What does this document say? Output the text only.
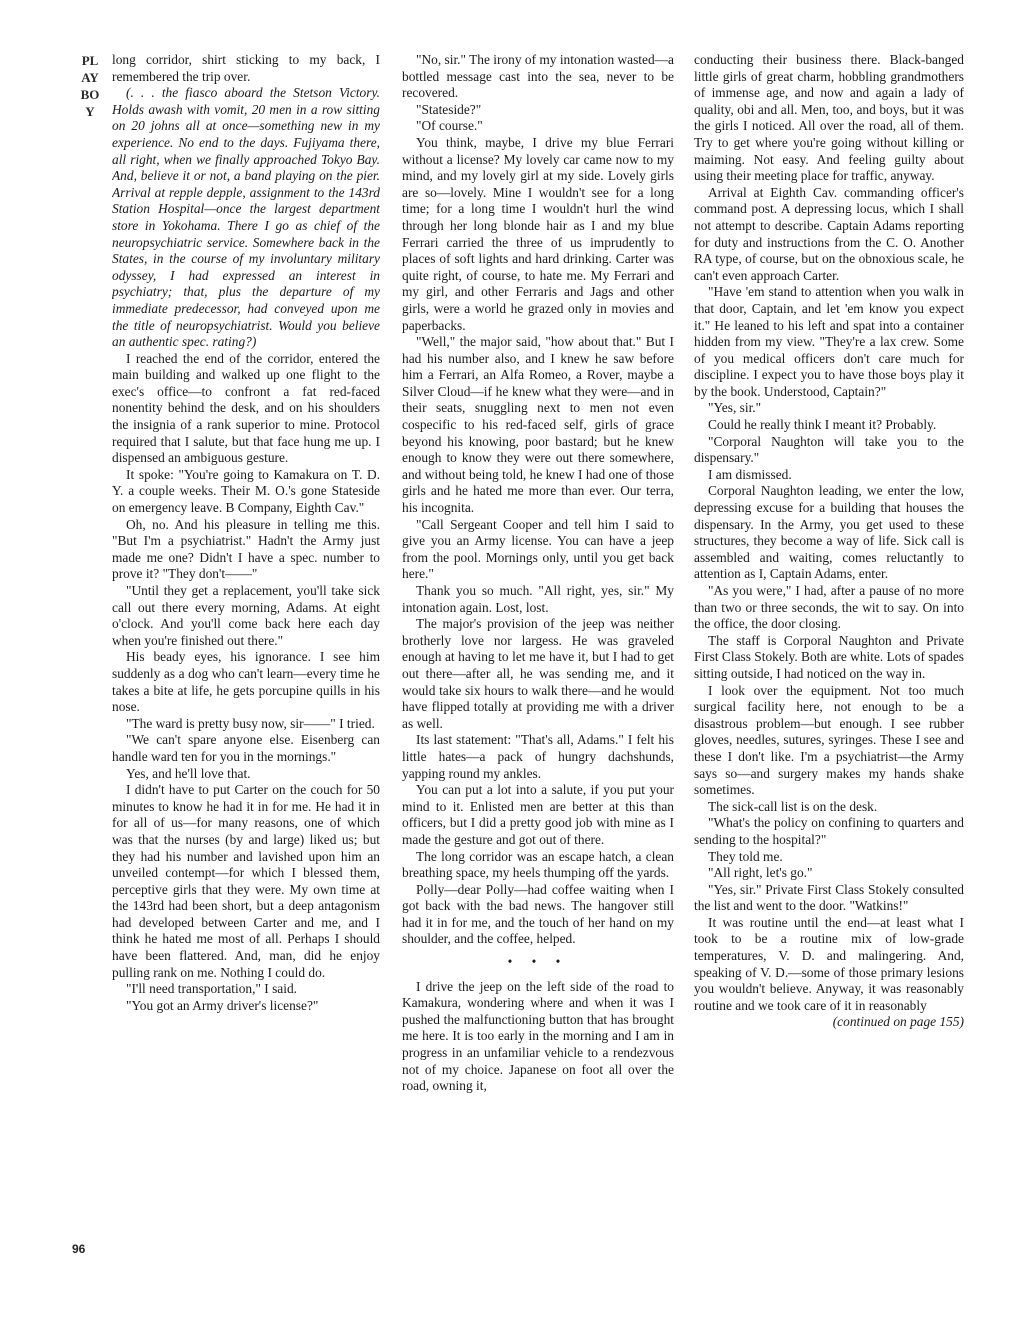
PLAYBOY

long corridor, shirt sticking to my back, I remembered the trip over.

(. . . the fiasco aboard the Stetson Victory. Holds awash with vomit, 20 men in a row sitting on 20 johns all at once—something new in my experience. No end to the days. Fujiyama there, all right, when we finally approached Tokyo Bay. And, believe it or not, a band playing on the pier. Arrival at repple depple, assignment to the 143rd Station Hospital—once the largest department store in Yokohama. There I go as chief of the neuropsychiatric service. Somewhere back in the States, in the course of my involuntary military odyssey, I had expressed an interest in psychiatry; that, plus the departure of my immediate predecessor, had conveyed upon me the title of neuropsychiatrist. Would you believe an authentic spec. rating?)

I reached the end of the corridor, entered the main building and walked up one flight to the exec's office—to confront a fat red-faced nonentity behind the desk, and on his shoulders the insignia of a rank superior to mine. Protocol required that I salute, but that face hung me up. I dispensed an ambiguous gesture.

It spoke: "You're going to Kamakura on T. D. Y. a couple weeks. Their M. O.'s gone Stateside on emergency leave. B Company, Eighth Cav."

Oh, no. And his pleasure in telling me this. "But I'm a psychiatrist." Hadn't the Army just made me one? Didn't I have a spec. number to prove it? "They don't——"

"Until they get a replacement, you'll take sick call out there every morning, Adams. At eight o'clock. And you'll come back here each day when you're finished out there."

His beady eyes, his ignorance. I see him suddenly as a dog who can't learn—every time he takes a bite at life, he gets porcupine quills in his nose.

"The ward is pretty busy now, sir——" I tried.

"We can't spare anyone else. Eisenberg can handle ward ten for you in the mornings."

Yes, and he'll love that.

I didn't have to put Carter on the couch for 50 minutes to know he had it in for me. He had it in for all of us—for many reasons, one of which was that the nurses (by and large) liked us; but they had his number and lavished upon him an unveiled contempt—for which I blessed them, perceptive girls that they were. My own time at the 143rd had been short, but a deep antagonism had developed between Carter and me, and I think he hated me most of all. Perhaps I should have been flattered. And, man, did he enjoy pulling rank on me. Nothing I could do.

"I'll need transportation," I said.

"You got an Army driver's license?"

"No, sir." The irony of my intonation wasted—a bottled message cast into the sea, never to be recovered.

"Stateside?"

"Of course."

You think, maybe, I drive my blue Ferrari without a license? My lovely car came now to my mind, and my lovely girl at my side. Lovely girls are so—lovely. Mine I wouldn't see for a long time; for a long time I wouldn't hurl the wind through her long blonde hair as I and my blue Ferrari carried the three of us imprudently to places of soft lights and hard drinking. Carter was quite right, of course, to hate me. My Ferrari and my girl, and other Ferraris and Jags and other girls, were a world he grazed only in movies and paperbacks.

"Well," the major said, "how about that." But I had his number also, and I knew he saw before him a Ferrari, an Alfa Romeo, a Rover, maybe a Silver Cloud—if he knew what they were—and in their seats, snuggling next to men not even cospecific to his red-faced self, girls of grace beyond his knowing, poor bastard; but he knew enough to know they were out there somewhere, and without being told, he knew I had one of those girls and he hated me more than ever. Our terra, his incognita.

"Call Sergeant Cooper and tell him I said to give you an Army license. You can have a jeep from the pool. Mornings only, until you get back here."

Thank you so much. "All right, yes, sir." My intonation again. Lost, lost.

The major's provision of the jeep was neither brotherly love nor largess. He was graveled enough at having to let me have it, but I had to get out there—after all, he was sending me, and it would take six hours to walk there—and he would have flipped totally at providing me with a driver as well.

Its last statement: "That's all, Adams." I felt his little hates—a pack of hungry dachshunds, yapping round my ankles.

You can put a lot into a salute, if you put your mind to it. Enlisted men are better at this than officers, but I did a pretty good job with mine as I made the gesture and got out of there.

The long corridor was an escape hatch, a clean breathing space, my heels thumping off the yards.

Polly—dear Polly—had coffee waiting when I got back with the bad news. The hangover still had it in for me, and the touch of her hand on my shoulder, and the coffee, helped.

• • •

I drive the jeep on the left side of the road to Kamakura, wondering where and when it was I pushed the malfunctioning button that has brought me here. It is too early in the morning and I am in progress in an unfamiliar vehicle to a rendezvous not of my choice. Japanese on foot all over the road, owning it,

conducting their business there. Black-banged little girls of great charm, hobbling grandmothers of immense age, and now and again a lady of quality, obi and all. Men, too, and boys, but it was the girls I noticed. All over the road, all of them. Try to get where you're going without killing or maiming. Not easy. And feeling guilty about using their meeting place for traffic, anyway.

Arrival at Eighth Cav. commanding officer's command post. A depressing locus, which I shall not attempt to describe. Captain Adams reporting for duty and instructions from the C. O. Another RA type, of course, but on the obnoxious scale, he can't even approach Carter.

"Have 'em stand to attention when you walk in that door, Captain, and let 'em know you expect it." He leaned to his left and spat into a container hidden from my view. "They're a lax crew. Some of you medical officers don't care much for discipline. I expect you to have those boys play it by the book. Understood, Captain?"

"Yes, sir."

Could he really think I meant it? Probably.

"Corporal Naughton will take you to the dispensary."

I am dismissed.

Corporal Naughton leading, we enter the low, depressing excuse for a building that houses the dispensary. In the Army, you get used to these structures, they become a way of life. Sick call is assembled and waiting, comes reluctantly to attention as I, Captain Adams, enter.

"As you were," I had, after a pause of no more than two or three seconds, the wit to say. On into the office, the door closing.

The staff is Corporal Naughton and Private First Class Stokely. Both are white. Lots of spades sitting outside, I had noticed on the way in.

I look over the equipment. Not too much surgical facility here, not enough to be a disastrous problem—but enough. I see rubber gloves, needles, sutures, syringes. These I see and these I don't like. I'm a psychiatrist—the Army says so—and surgery makes my hands shake sometimes.

The sick-call list is on the desk.

"What's the policy on confining to quarters and sending to the hospital?"

They told me.

"All right, let's go."

"Yes, sir." Private First Class Stokely consulted the list and went to the door. "Watkins!"

It was routine until the end—at least what I took to be a routine mix of low-grade temperatures, V. D. and malingering. And, speaking of V. D.—some of those primary lesions you wouldn't believe. Anyway, it was reasonably routine and we took care of it in reasonably

(continued on page 155)

96
